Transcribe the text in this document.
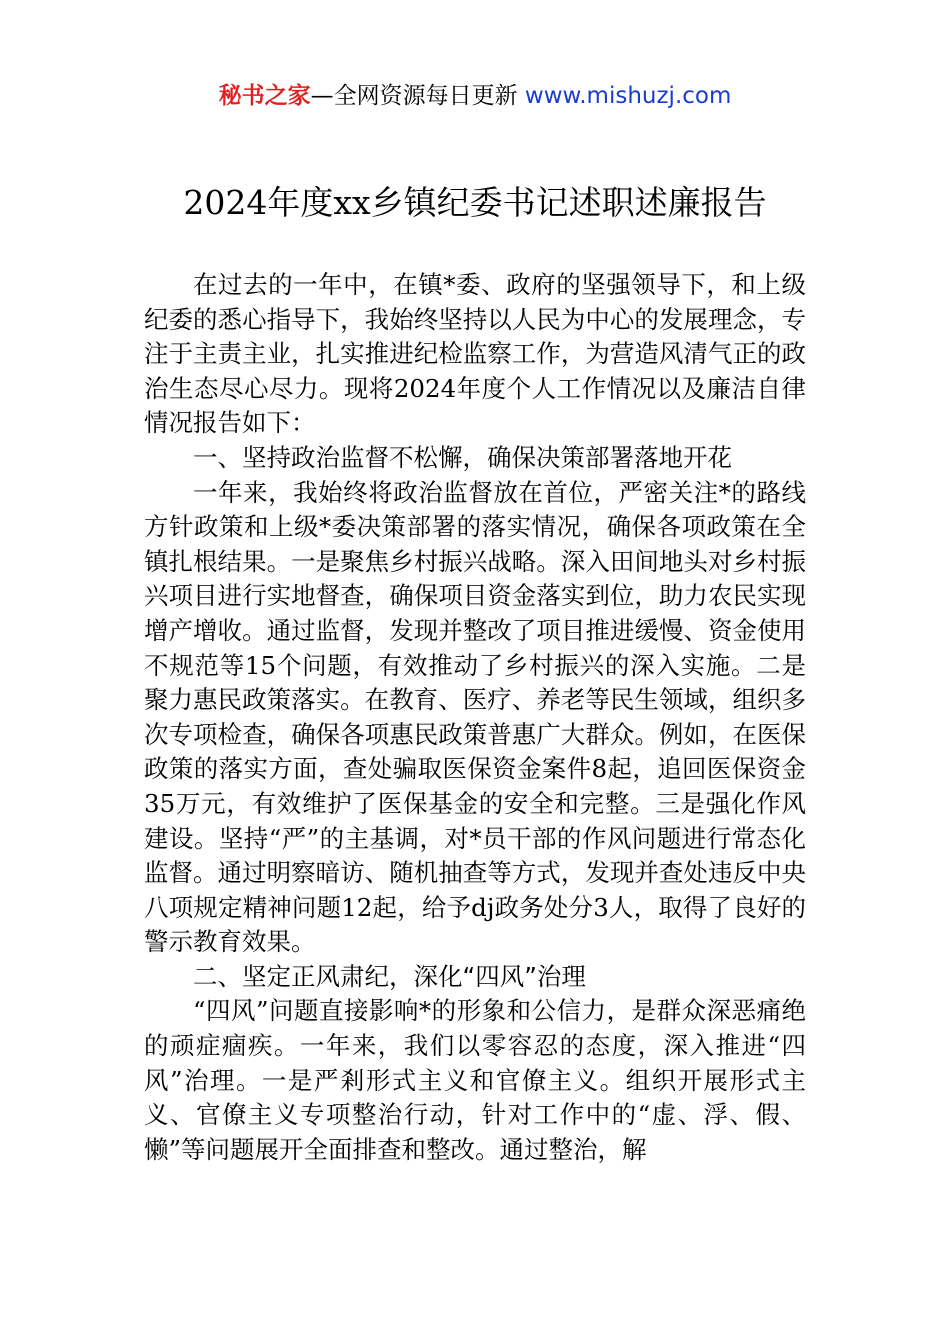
秘书之家—全网资源每日更新 www.mishuzj.com
2024年度xx乡镇纪委书记述职述廉报告

在过去的一年中，在镇*委、政府的坚强领导下，和上级纪委的悉心指导下，我始终坚持以人民为中心的发展理念，专注于主责主业，扎实推进纪检监察工作，为营造风清气正的政治生态尽心尽力。现将2024年度个人工作情况以及廉洁自律情况报告如下：

一、坚持政治监督不松懈，确保决策部署落地开花

一年来，我始终将政治监督放在首位，严密关注*的路线方针政策和上级*委决策部署的落实情况，确保各项政策在全镇扎根结果。一是聚焦乡村振兴战略。深入田间地头对乡村振兴项目进行实地督查，确保项目资金落实到位，助力农民实现增产增收。通过监督，发现并整改了项目推进缓慢、资金使用不规范等15个问题，有效推动了乡村振兴的深入实施。二是聚力惠民政策落实。在教育、医疗、养老等民生领域，组织多次专项检查，确保各项惠民政策普惠广大群众。例如，在医保政策的落实方面，查处骗取医保资金案件8起，追回医保资金35万元，有效维护了医保基金的安全和完整。三是强化作风建设。坚持“严”的主基调，对*员干部的作风问题进行常态化监督。通过明察暗访、随机抽查等方式，发现并查处违反中央八项规定精神问题12起，给予dj政务处分3人，取得了良好的警示教育效果。

二、坚定正风肃纪，深化“四风”治理

“四风”问题直接影响*的形象和公信力，是群众深恶痛绝的顽症痼疾。一年来，我们以零容忍的态度，深入推进“四风”治理。一是严剎形式主义和官僚主义。组织开展形式主义、官僚主义专项整治行动，针对工作中的“虚、浮、假、懒”等问题展开全面排查和整改。通过整治，解
